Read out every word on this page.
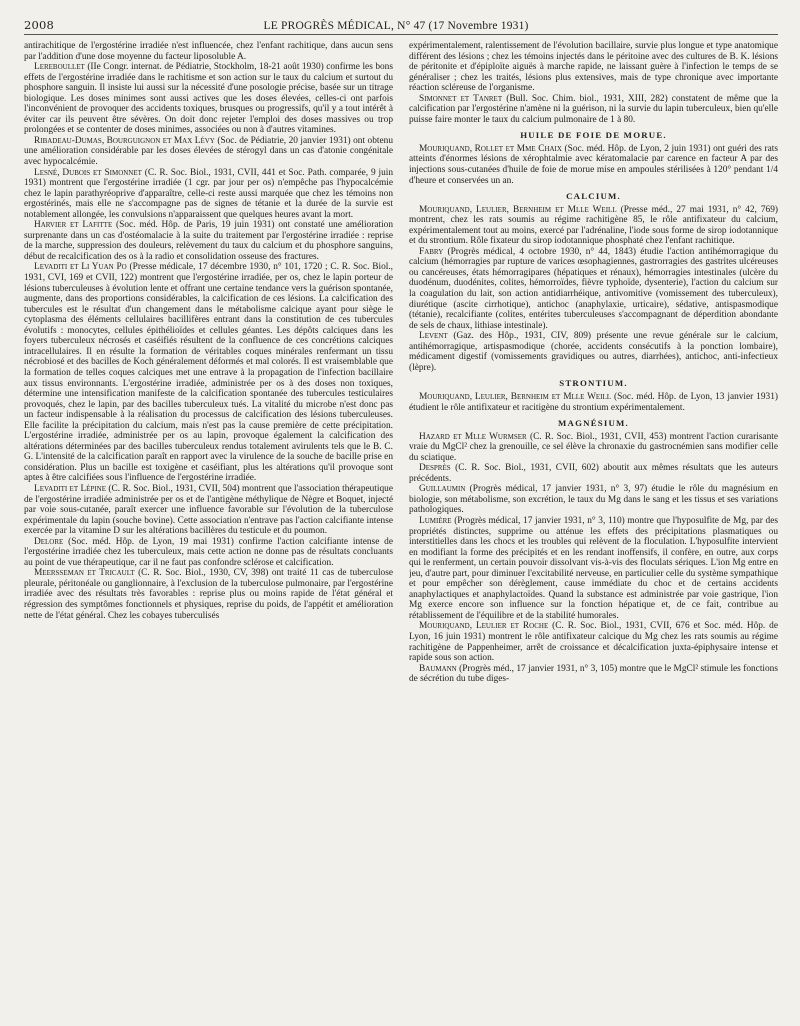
2008	LE PROGRÈS MÉDICAL, N° 47 (17 Novembre 1931)

antirachitique de l'ergostérine irradiée n'est influencée, chez l'enfant rachitique, dans aucun sens par l'addition d'une dose moyenne du facteur liposoluble A.

Lereboullet (IIe Congr. internat. de Pédiatrie, Stockholm, 18-21 août 1930) confirme les bons effets de l'ergostérine irradiée dans le rachitisme et son action sur le taux du calcium et surtout du phosphore sanguin. Il insiste lui aussi sur la nécessité d'une posologie précise, basée sur un titrage biologique. Les doses minimes sont aussi actives que les doses élevées, celles-ci ont parfois l'inconvénient de provoquer des accidents toxiques, brusques ou progressifs, qu'il y a tout intérêt à éviter car ils peuvent être sévères. On doit donc rejeter l'emploi des doses massives ou trop prolongées et se contenter de doses minimes, associées ou non à d'autres vitamines.

Ribadeau-Dumas, Bourguignon et Max Lévy (Soc. de Pédiatrie, 20 janvier 1931) ont obtenu une amélioration considérable par les doses élevées de stérogyl dans un cas d'atonie congénitale avec hypocalcémie.

Lesné, Dubois et Simonnet (C. R. Soc. Biol., 1931, CVII, 441 et Soc. Path. comparée, 9 juin 1931) montrent que l'ergostérine irradiée (1 cgr. par jour per os) n'empêche pas l'hypocalcémie chez le lapin parathyréoprive d'apparaître, celle-ci reste aussi marquée que chez les témoins non ergostérinés, mais elle ne s'accompagne pas de signes de tétanie et la durée de la survie est notablement allongée, les convulsions n'apparaissent que quelques heures avant la mort.

Harvier et Lafitte (Soc. méd. Hôp. de Paris, 19 juin 1931) ont constaté une amélioration surprenante dans un cas d'ostéomalacie à la suite du traitement par l'ergostérine irradiée : reprise de la marche, suppression des douleurs, relèvement du taux du calcium et du phosphore sanguins, début de recalcification des os à la radio et consolidation osseuse des fractures.

Levaditi et Li Yuan Po (Presse médicale, 17 décembre 1930, n° 101, 1720 ; C. R. Soc. Biol., 1931, CVI, 169 et CVII, 122) montrent que l'ergostérine irradiée, per os, chez le lapin porteur de lésions tuberculeuses à évolution lente et offrant une certaine tendance vers la guérison spontanée, augmente, dans des proportions considérables, la calcification de ces lésions. La calcification des tubercules est le résultat d'un changement dans le métabolisme calcique ayant pour siège le cytoplasma des éléments cellulaires bacillifères entrant dans la constitution de ces tubercules évolutifs : monocytes, cellules épithélioïdes et cellules géantes. Les dépôts calciques dans les foyers tuberculeux nécrosés et caséifiés résultent de la confluence de ces concrétions calciques intracellulaires. Il en résulte la formation de véritables coques minérales renfermant un tissu nécrobiosé et des bacilles de Koch généralement déformés et mal colorés. Il est vraisemblable que la formation de telles coques calciques met une entrave à la propagation de l'infection bacillaire aux tissus environnants. L'ergostérine irradiée, administrée per os à des doses non toxiques, détermine une intensification manifeste de la calcification spontanée des tubercules testiculaires provoqués, chez le lapin, par des bacilles tuberculeux tués. La vitalité du microbe n'est donc pas un facteur indispensable à la réalisation du processus de calcification des lésions tuberculeuses. Elle facilite la précipitation du calcium, mais n'est pas la cause première de cette précipitation. L'ergostérine irradiée, administrée per os au lapin, provoque également la calcification des altérations déterminées par des bacilles tuberculeux rendus totalement avirulents tels que le B. C. G. L'intensité de la calcification paraît en rapport avec la virulence de la souche de bacille prise en considération. Plus un bacille est toxigène et caséifiant, plus les altérations qu'il provoque sont aptes à être calcifiées sous l'influence de l'ergostérine irradiée.

Levaditi et Lépine (C. R. Soc. Biol., 1931, CVII, 504) montrent que l'association thérapeutique de l'ergostérine irradiée administrée per os et de l'antigène méthylique de Nègre et Boquet, injecté par voie sous-cutanée, paraît exercer une influence favorable sur l'évolution de la tuberculose expérimentale du lapin (souche bovine). Cette association n'entrave pas l'action calcifiante intense exercée par la vitamine D sur les altérations bacillères du testicule et du poumon.

Delore (Soc. méd. Hôp. de Lyon, 19 mai 1931) confirme l'action calcifiante intense de l'ergostérine irradiée chez les tuberculeux, mais cette action ne donne pas de résultats concluants au point de vue thérapeutique, car il ne faut pas confondre sclérose et calcification.

Meersseman et Tricault (C. R. Soc. Biol., 1930, CV, 398) ont traité 11 cas de tuberculose pleurale, péritonéale ou ganglionnaire, à l'exclusion de la tuberculose pulmonaire, par l'ergostérine irradiée avec des résultats très favorables : reprise plus ou moins rapide de l'état général et régression des symptômes fonctionnels et physiques, reprise du poids, de l'appétit et amélioration nette de l'état général. Chez les cobayes tuberculisés

expérimentalement, ralentissement de l'évolution bacillaire, survie plus longue et type anatomique différent des lésions ; chez les témoins injectés dans le péritoine avec des cultures de B. K. lésions de péritonite et d'épiploïte aiguës à marche rapide, ne laissant guère à l'infection le temps de se généraliser ; chez les traités, lésions plus extensives, mais de type chronique avec importante réaction scléreuse de l'organisme.

Simonnet et Tanret (Bull. Soc. Chim. biol., 1931, XIII, 282) constatent de même que la calcification par l'ergostérine n'amène ni la guérison, ni la survie du lapin tuberculeux, bien qu'elle puisse faire monter le taux du calcium pulmonaire de 1 à 80.

HUILE DE FOIE DE MORUE.

Mouriquand, Rollet et Mme Chaix (Soc. méd. Hôp. de Lyon, 2 juin 1931) ont guéri des rats atteints d'énormes lésions de xérophtalmie avec kératomalacie par carence en facteur A par des injections sous-cutanées d'huile de foie de morue mise en ampoules stérilisées à 120° pendant 1/4 d'heure et conservées un an.

CALCIUM.

Mouriquand, Leulier, Bernheim et Mlle Weill (Presse méd., 27 mai 1931, n° 42, 769) montrent, chez les rats soumis au régime rachitigène 85, le rôle antifixateur du calcium, expérimentalement tout au moins, exercé par l'adrénaline, l'iode sous forme de sirop iodotannique et du strontium. Rôle fixateur du sirop iodotannique phosphaté chez l'enfant rachitique.

Fabry (Progrès médical, 4 octobre 1930, n° 44, 1843) étudie l'action antihémorragique du calcium (hémorragies par rupture de varices œsophagiennes, gastrorragies des gastrites ulcéreuses ou cancéreuses, états hémorragipares (hépatiques et rénaux), hémorragies intestinales (ulcère du duodénum, duodénites, colites, hémorroïdes, fièvre typhoïde, dysenterie), l'action du calcium sur la coagulation du lait, son action antidiarrhéique, antivomitive (vomissement des tuberculeux), diurétique (ascite cirrhotique), antichoc (anaphylaxie, urticaire), sédative, antispasmodique (tétanie), recalcifiante (colites, entérites tuberculeuses s'accompagnant de déperdition abondante de sels de chaux, lithiase intestinale).

Levent (Gaz. des Hôp., 1931, CIV, 809) présente une revue générale sur le calcium, antihémorragique, artispasmodique (chorée, accidents consécutifs à la ponction lombaire), médicament digestif (vomissements gravidiques ou autres, diarrhées), antichoc, anti-infectieux (lèpre).

STRONTIUM.

Mouriquand, Leulier, Bernheim et Mlle Weill (Soc. méd. Hôp. de Lyon, 13 janvier 1931) étudient le rôle antifixateur et racitigène du strontium expérimentalement.

MAGNÉSIUM.

Hazard et Mlle Wurmser (C. R. Soc. Biol., 1931, CVII, 453) montrent l'action curarisante vraie du MgCl² chez la grenouille, ce sel élève la chronaxie du gastrocnémien sans modifier celle du sciatique.

Desprès (C. R. Soc. Biol., 1931, CVII, 602) aboutit aux mêmes résultats que les auteurs précédents.

Guillaumin (Progrès médical, 17 janvier 1931, n° 3, 97) étudie le rôle du magnésium en biologie, son métabolisme, son excrétion, le taux du Mg dans le sang et les tissus et ses variations pathologiques.

Lumière (Progrès médical, 17 janvier 1931, n° 3, 110) montre que l'hyposulfite de Mg, par des propriétés distinctes, supprime ou atténue les effets des précipitations plasmatiques ou interstitielles dans les chocs et les troubles qui relèvent de la floculation. L'hyposulfite intervient en modifiant la forme des précipités et en les rendant inoffensifs, il confère, en outre, aux corps qui le renferment, un certain pouvoir dissolvant vis-à-vis des floculats sériques. L'ion Mg entre en jeu, d'autre part, pour diminuer l'excitabilité nerveuse, en particulier celle du système sympathique et pour empêcher son dérèglement, cause immédiate du choc et de certains accidents anaphylactiques et anaphylactoïdes. Quand la substance est administrée par voie gastrique, l'ion Mg exerce encore son influence sur la fonction hépatique et, de ce fait, contribue au rétablissement de l'équilibre et de la stabilité humorales.

Mouriquand, Leulier et Roche (C. R. Soc. Biol., 1931, CVII, 676 et Soc. méd. Hôp. de Lyon, 16 juin 1931) montrent le rôle antifixateur calcique du Mg chez les rats soumis au régime rachitigène de Pappenheimer, arrêt de croissance et décalcification juxta-épiphysaire intense et rapide sous son action.

Baumann (Progrès méd., 17 janvier 1931, n° 3, 105) montre que le MgCl² stimule les fonctions de sécrétion du tube diges-
